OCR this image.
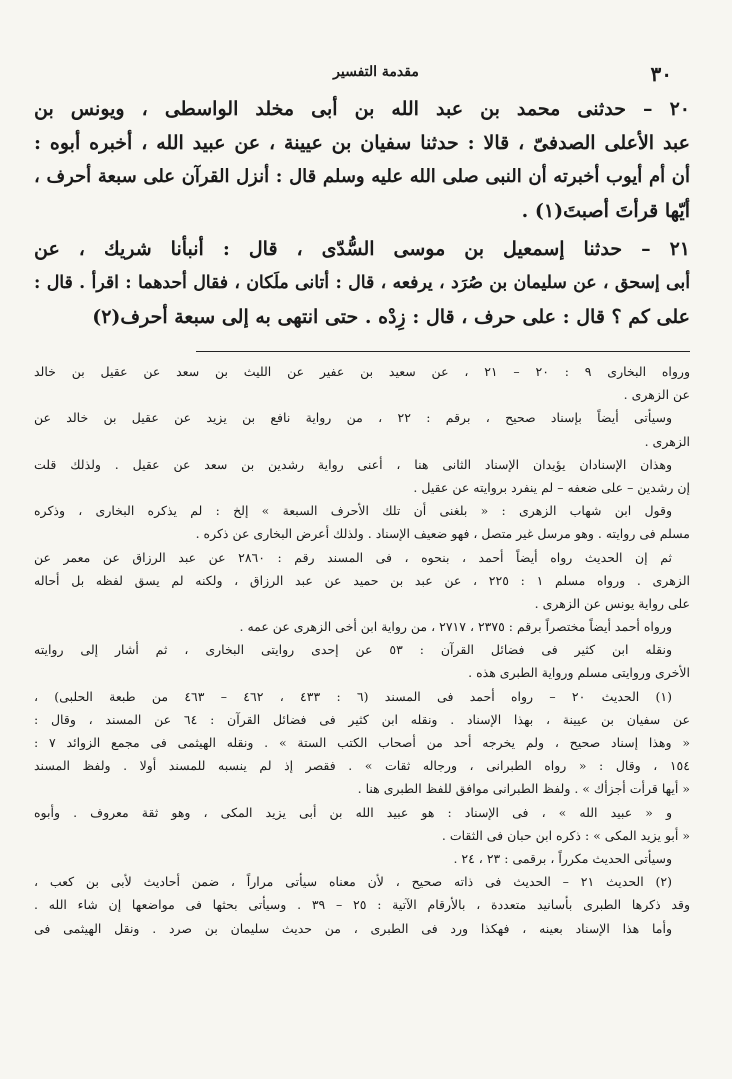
٣٠
مقدمة التفسير

٢٠ – حدثنى محمد بن عبد الله بن أبى مخلد الواسطى ، ويونس بن

عبد الأعلى الصدفىّ ، قالا : حدثنا سفيان بن عيينة ، عن عبيد الله ، أخبره أبوه :

أن أم أيوب أخبرته أن النبى صلى الله عليه وسلم قال : أنزل القرآن على سبعة أحرف ،

أيّها قرأتَ أصبتَ(١) .

٢١ – حدثنا إسمعيل بن موسى السُّدّى ، قال : أنبأنا شريك ، عن

أبى إسحق ، عن سليمان بن صُرَد ، يرفعه ، قال : أتانى ملَكان ، فقال أحدهما : اقرأ . قال :

على كم ؟ قال : على حرف ، قال : زِدْه . حتى انتهى به إلى سبعة أحرف(٢)

ورواه البخارى ٩ : ٢٠ – ٢١ ، عن سعيد بن عفير عن الليث بن سعد عن عقيل بن خالد

عن الزهرى .

وسيأتى أيضاً بإسناد صحيح ، برقم : ٢٢ ، من رواية نافع بن يزيد عن عقيل بن خالد عن

الزهرى .

وهذان الإسنادان يؤيدان الإسناد الثانى هنا ، أعنى رواية رشدين بن سعد عن عقيل . ولذلك قلت

إن رشدين – على ضعفه – لم ينفرد بروايته عن عقيل .

وقول ابن شهاب الزهرى : « بلغنى أن تلك الأحرف السبعة » إلخ : لم يذكره البخارى ، وذكره

مسلم فى روايته . وهو مرسل غير متصل ، فهو ضعيف الإسناد . ولذلك أعرض البخارى عن ذكره .

ثم إن الحديث رواه أيضاً أحمد ، بنحوه ، فى المسند رقم : ٢٨٦٠ عن عبد الرزاق عن معمر عن

الزهرى . ورواه مسلم ١ : ٢٢٥ ، عن عبد بن حميد عن عبد الرزاق ، ولكنه لم يسق لفظه بل أحاله

على رواية يونس عن الزهرى .

ورواه أحمد أيضاً مختصراً برقم : ٢٣٧٥ ، ٢٧١٧ ، من رواية ابن أخى الزهرى عن عمه .

ونقله ابن كثير فى فضائل القرآن : ٥٣ عن إحدى روايتى البخارى ، ثم أشار إلى روايته

الأخرى وروايتى مسلم ورواية الطبرى هذه .

(١) الحديث ٢٠ – رواه أحمد فى المسند (٦ : ٤٣٣ ، ٤٦٢ – ٤٦٣ من طبعة الحلبى) ،

عن سفيان بن عيينة ، بهذا الإسناد . ونقله ابن كثير فى فضائل القرآن : ٦٤ عن المسند ، وقال :

« وهذا إسناد صحيح ، ولم يخرجه أحد من أصحاب الكتب الستة » . ونقله الهيثمى فى مجمع الزوائد ٧ :

١٥٤ ، وقال : « رواه الطبرانى ، ورجاله ثقات » . فقصر إذ لم ينسبه للمسند أولا . ولفظ المسند

« أيها قرأت أجزأك » . ولفظ الطبرانى موافق للفظ الطبرى هنا .

و « عبيد الله » ، فى الإسناد : هو عبيد الله بن أبى يزيد المكى ، وهو ثقة معروف . وأبوه

« أبو يزيد المكى » : ذكره ابن حبان فى الثقات .

وسيأتى الحديث مكرراً ، برقمى : ٢٣ ، ٢٤ .

(٢) الحديث ٢١ – الحديث فى ذاته صحيح ، لأن معناه سيأتى مراراً ، ضمن أحاديث لأبى بن كعب ،

وقد ذكرها الطبرى بأسانيد متعددة ، بالأرقام الآتية : ٢٥ – ٣٩ . وسيأتى بحثها فى مواضعها إن شاء الله .

وأما هذا الإسناد بعينه ، فهكذا ورد فى الطبرى ، من حديث سليمان بن صرد . ونقل الهيثمى فى
